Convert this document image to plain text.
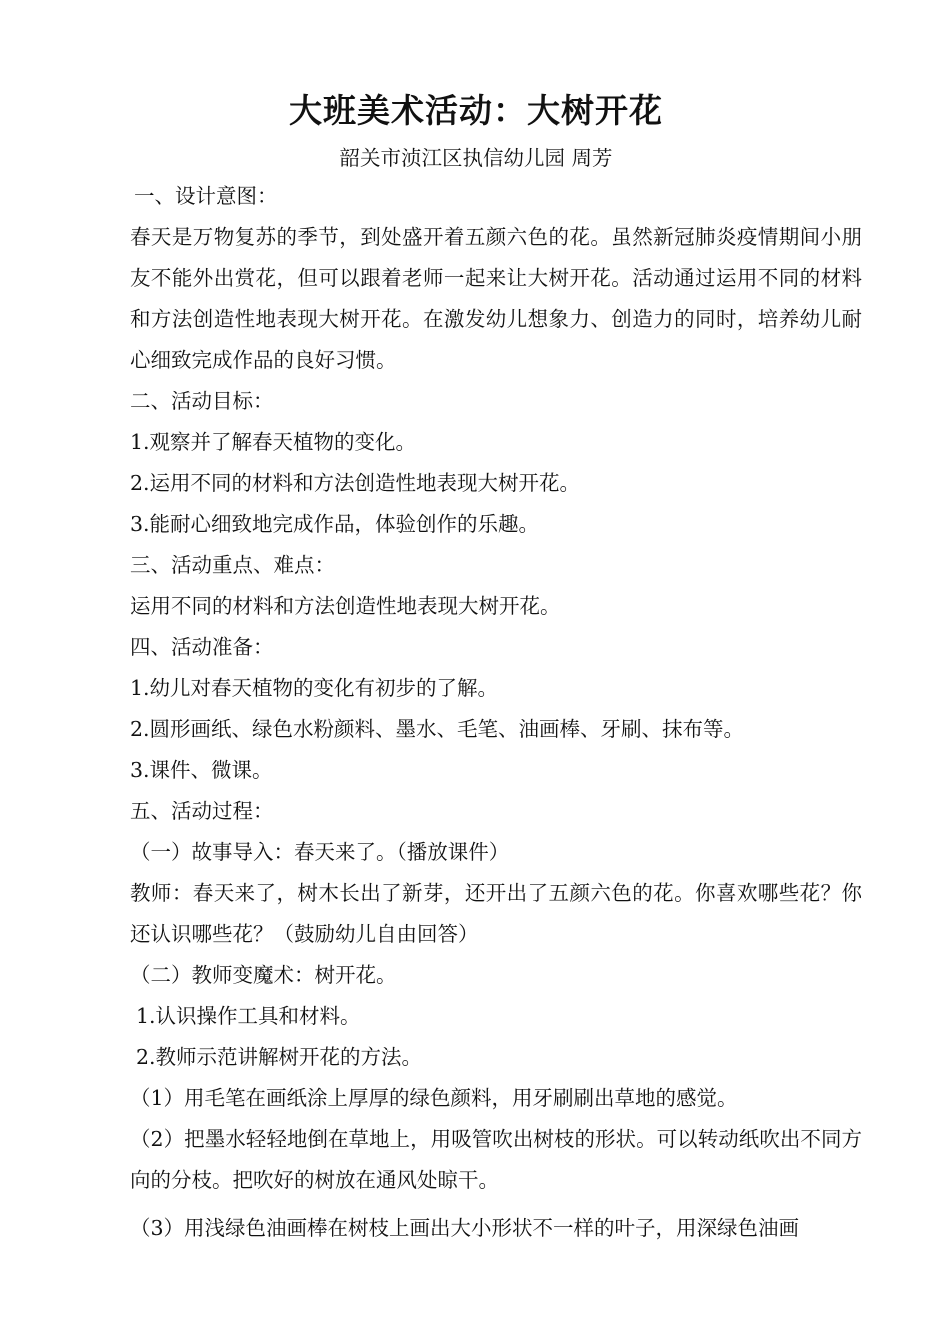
大班美术活动：大树开花
韶关市浈江区执信幼儿园 周芳

一、设计意图：

春天是万物复苏的季节，到处盛开着五颜六色的花。虽然新冠肺炎疫情期间小朋友不能外出赏花，但可以跟着老师一起来让大树开花。活动通过运用不同的材料和方法创造性地表现大树开花。在激发幼儿想象力、创造力的同时，培养幼儿耐心细致完成作品的良好习惯。

二、活动目标：

1.观察并了解春天植物的变化。

2.运用不同的材料和方法创造性地表现大树开花。

3.能耐心细致地完成作品，体验创作的乐趣。

三、活动重点、难点：

运用不同的材料和方法创造性地表现大树开花。

四、活动准备：

1.幼儿对春天植物的变化有初步的了解。

2.圆形画纸、绿色水粉颜料、墨水、毛笔、油画棒、牙刷、抹布等。

3.课件、微课。

五、活动过程：

（一）故事导入：春天来了。（播放课件）

教师：春天来了，树木长出了新芽，还开出了五颜六色的花。你喜欢哪些花？你还认识哪些花？（鼓励幼儿自由回答）

（二）教师变魔术：树开花。

1.认识操作工具和材料。

2.教师示范讲解树开花的方法。

（1）用毛笔在画纸涂上厚厚的绿色颜料，用牙刷刷出草地的感觉。

（2）把墨水轻轻地倒在草地上，用吸管吹出树枝的形状。可以转动纸吹出不同方向的分枝。把吹好的树放在通风处晾干。

（3）用浅绿色油画棒在树枝上画出大小形状不一样的叶子，用深绿色油画
